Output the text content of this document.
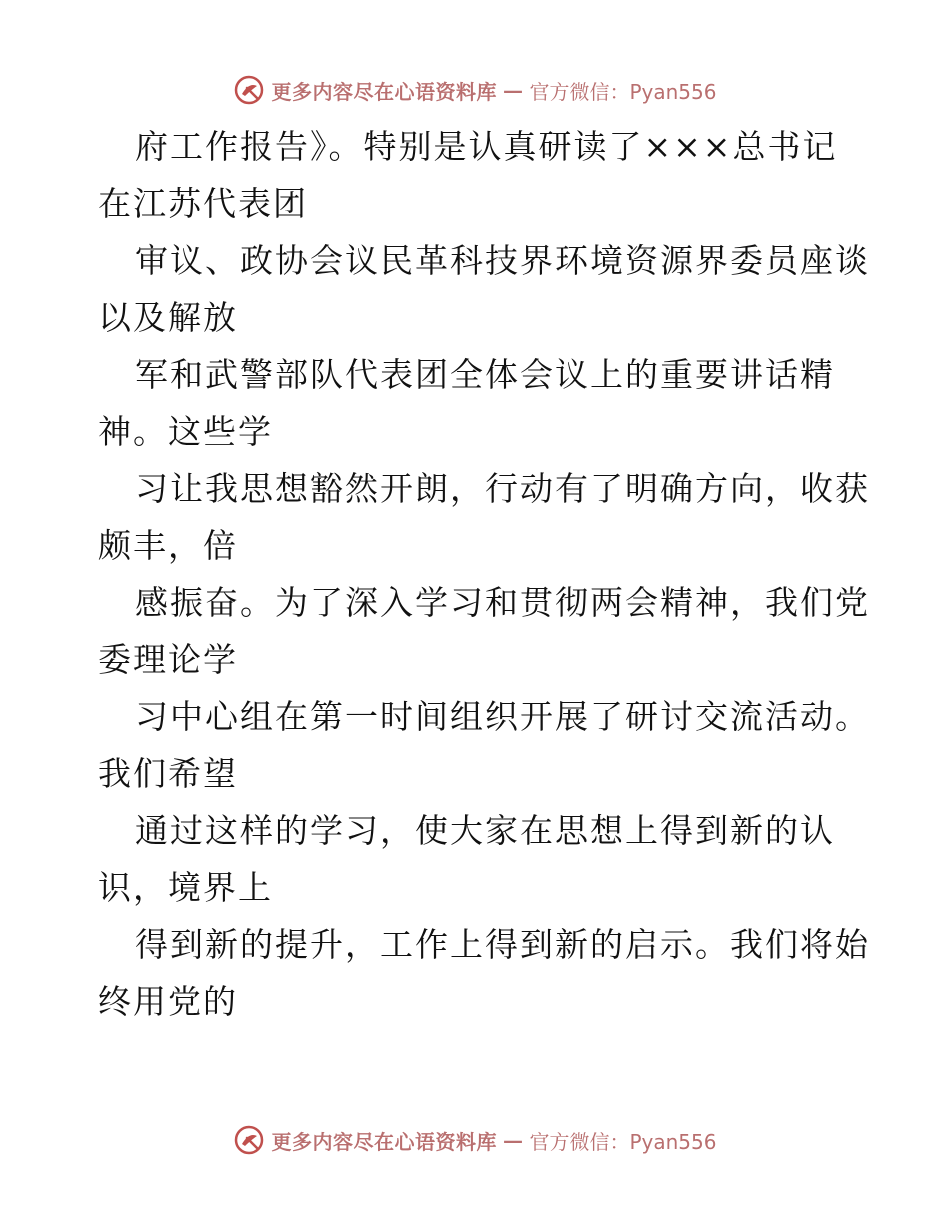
更多内容尽在心语资料库 — 官方微信：Pyan556
府工作报告》。特别是认真研读了×××总书记
在江苏代表团
审议、政协会议民革科技界环境资源界委员座谈
以及解放
军和武警部队代表团全体会议上的重要讲话精
神。这些学
习让我思想豁然开朗，行动有了明确方向，收获
颇丰，倍
感振奋。为了深入学习和贯彻两会精神，我们党
委理论学
习中心组在第一时间组织开展了研讨交流活动。
我们希望
通过这样的学习，使大家在思想上得到新的认
识，境界上
得到新的提升，工作上得到新的启示。我们将始
终用党的
更多内容尽在心语资料库 — 官方微信：Pyan556
